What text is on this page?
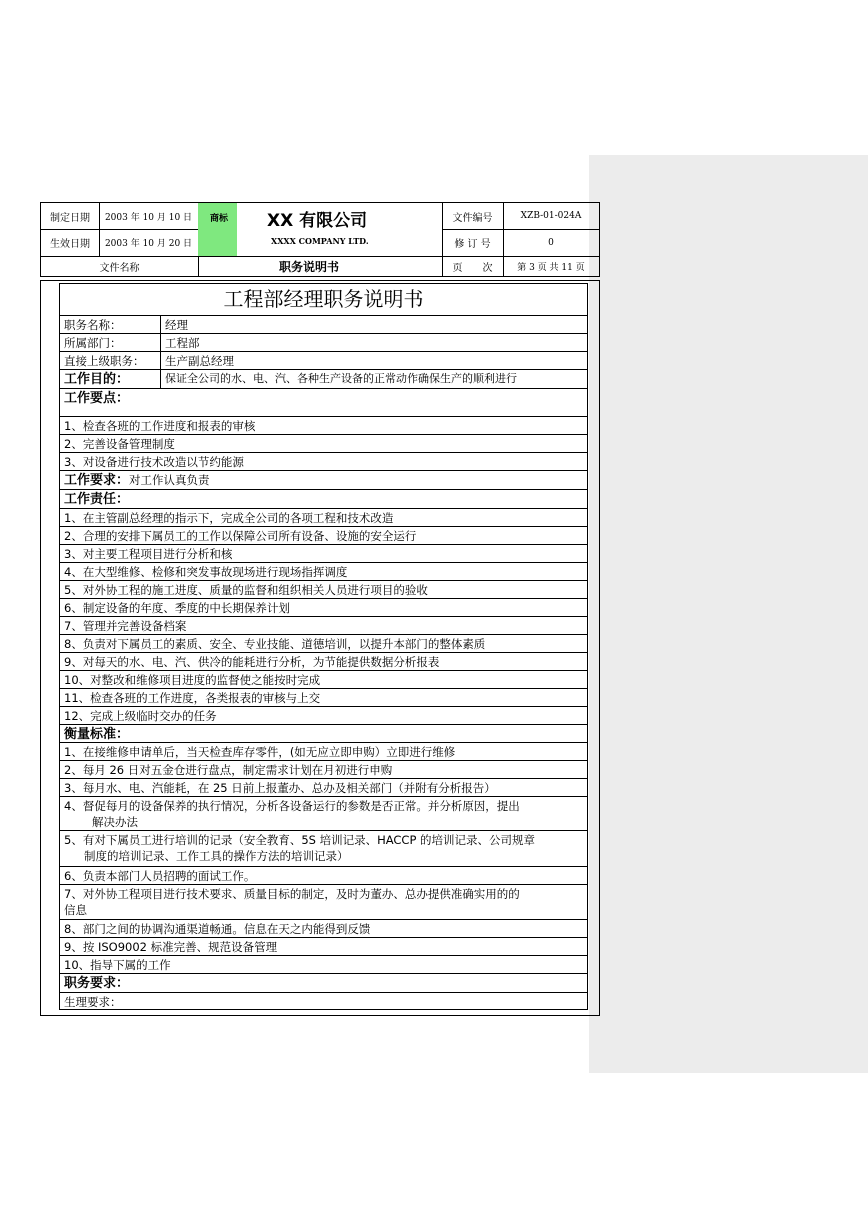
制定日期	2003 年 10 月 10 日
生效日期	2003 年 10 月 20 日
商标 XX 有限公司
XXXX COMPANY LTD.
文件编号	XZB-01-024A
修 订 号	0
文件名称	职务说明书	页　　次	第 3 页 共 11 页
工程部经理职务说明书
职务名称：	经理
所属部门：	工程部
直接上级职务：	生产副总经理
工作目的：	保证全公司的水、电、汽、各种生产设备的正常动作确保生产的顺利进行
工作要点：
1、检查各班的工作进度和报表的审核
2、完善设备管理制度
3、对设备进行技术改造以节约能源
工作要求：对工作认真负责
工作责任：
1、在主管副总经理的指示下，完成全公司的各项工程和技术改造
2、合理的安排下属员工的工作以保障公司所有设备、设施的安全运行
3、对主要工程项目进行分析和核
4、在大型维修、检修和突发事故现场进行现场指挥调度
5、对外协工程的施工进度、质量的监督和组织相关人员进行项目的验收
6、制定设备的年度、季度的中长期保养计划
7、管理并完善设备档案
8、负责对下属员工的素质、安全、专业技能、道德培训，以提升本部门的整体素质
9、对每天的水、电、汽、供冷的能耗进行分析，为节能提供数据分析报表
10、对整改和维修项目进度的监督使之能按时完成
11、检查各班的工作进度，各类报表的审核与上交
12、完成上级临时交办的任务
衡量标准：
1、在接维修申请单后，当天检查库存零件，(如无应立即申购）立即进行维修
2、每月 26 日对五金仓进行盘点，制定需求计划在月初进行申购
3、每月水、电、汽能耗，在 25 日前上报董办、总办及相关部门（并附有分析报告）
4、督促每月的设备保养的执行情况，分析各设备运行的参数是否正常。并分析原因，提出
解决办法
5、有对下属员工进行培训的记录（安全教育、5S 培训记录、HACCP 的培训记录、公司规章
制度的培训记录、工作工具的操作方法的培训记录）
6、负责本部门人员招聘的面试工作。
7、对外协工程项目进行技术要求、质量目标的制定，及时为董办、总办提供准确实用的的
信息
8、部门之间的协调沟通渠道畅通。信息在天之内能得到反馈
9、按 ISO9002 标准完善、规范设备管理
10、指导下属的工作
职务要求：
生理要求：
